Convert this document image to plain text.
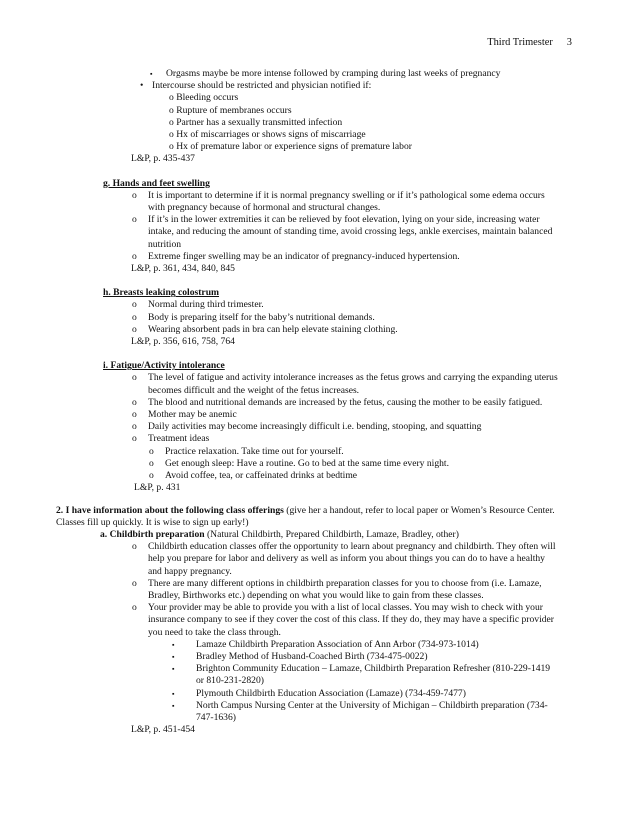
Third Trimester 3
▪ Orgasms maybe be more intense followed by cramping during last weeks of pregnancy
• Intercourse should be restricted and physician notified if:
o Bleeding occurs
o Rupture of membranes occurs
o Partner has a sexually transmitted infection
o Hx of miscarriages or shows signs of miscarriage
o Hx of premature labor or experience signs of premature labor
L&P, p. 435-437
g. Hands and feet swelling
o It is important to determine if it is normal pregnancy swelling or if it’s pathological some edema occurs with pregnancy because of hormonal and structural changes.
o If it’s in the lower extremities it can be relieved by foot elevation, lying on your side, increasing water intake, and reducing the amount of standing time, avoid crossing legs, ankle exercises, maintain balanced nutrition
o Extreme finger swelling may be an indicator of pregnancy-induced hypertension.
L&P, p. 361, 434, 840, 845
h. Breasts leaking colostrum
o Normal during third trimester.
o Body is preparing itself for the baby’s nutritional demands.
o Wearing absorbent pads in bra can help elevate staining clothing.
L&P, p. 356, 616, 758, 764
i. Fatigue/Activity intolerance
o The level of fatigue and activity intolerance increases as the fetus grows and carrying the expanding uterus becomes difficult and the weight of the fetus increases.
o The blood and nutritional demands are increased by the fetus, causing the mother to be easily fatigued.
o Mother may be anemic
o Daily activities may become increasingly difficult i.e. bending, stooping, and squatting
o Treatment ideas
o Practice relaxation. Take time out for yourself.
o Get enough sleep: Have a routine. Go to bed at the same time every night.
o Avoid coffee, tea, or caffeinated drinks at bedtime
L&P, p. 431
2. I have information about the following class offerings (give her a handout, refer to local paper or Women’s Resource Center. Classes fill up quickly. It is wise to sign up early!)
a. Childbirth preparation (Natural Childbirth, Prepared Childbirth, Lamaze, Bradley, other)
o Childbirth education classes offer the opportunity to learn about pregnancy and childbirth. They often will help you prepare for labor and delivery as well as inform you about things you can do to have a healthy and happy pregnancy.
o There are many different options in childbirth preparation classes for you to choose from (i.e. Lamaze, Bradley, Birthworks etc.) depending on what you would like to gain from these classes.
o Your provider may be able to provide you with a list of local classes. You may wish to check with your insurance company to see if they cover the cost of this class. If they do, they may have a specific provider you need to take the class through.
▪ Lamaze Childbirth Preparation Association of Ann Arbor (734-973-1014)
▪ Bradley Method of Husband-Coached Birth (734-475-0022)
▪ Brighton Community Education – Lamaze, Childbirth Preparation Refresher (810-229-1419 or 810-231-2820)
▪ Plymouth Childbirth Education Association (Lamaze) (734-459-7477)
▪ North Campus Nursing Center at the University of Michigan – Childbirth preparation (734-747-1636)
L&P, p. 451-454
